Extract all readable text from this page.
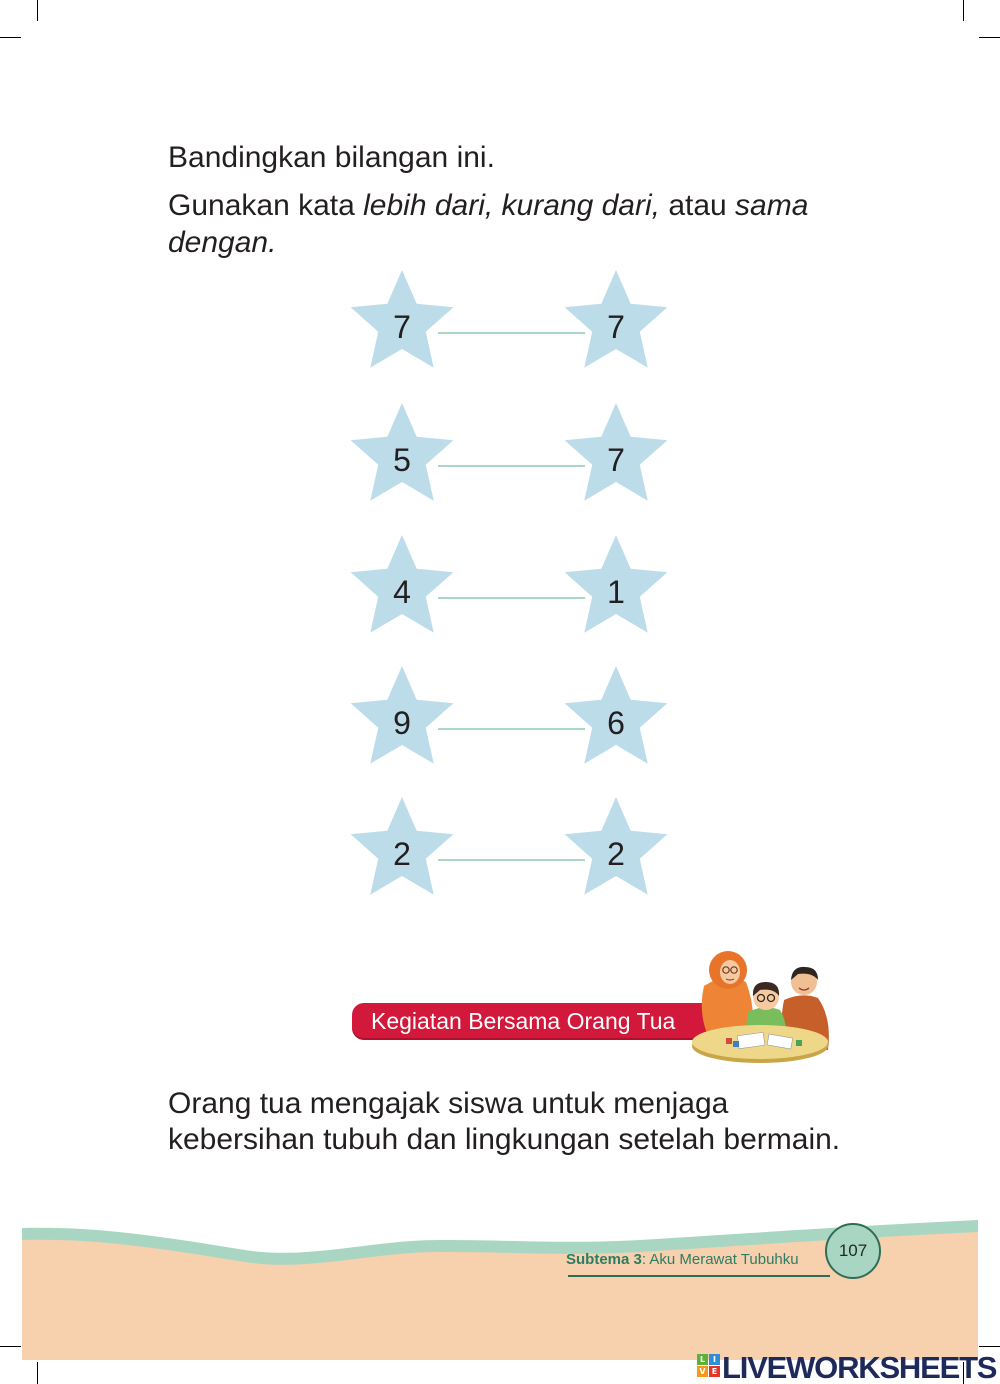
Bandingkan bilangan ini.
Gunakan kata lebih dari, kurang dari, atau sama
dengan.
7	7
5	7
4	1
9	6
2	2
Kegiatan Bersama Orang Tua
Orang tua mengajak siswa untuk menjaga
kebersihan tubuh dan lingkungan setelah bermain.
Subtema 3: Aku Merawat Tubuhku	107
L I
V E LIVEWORKSHEETS
